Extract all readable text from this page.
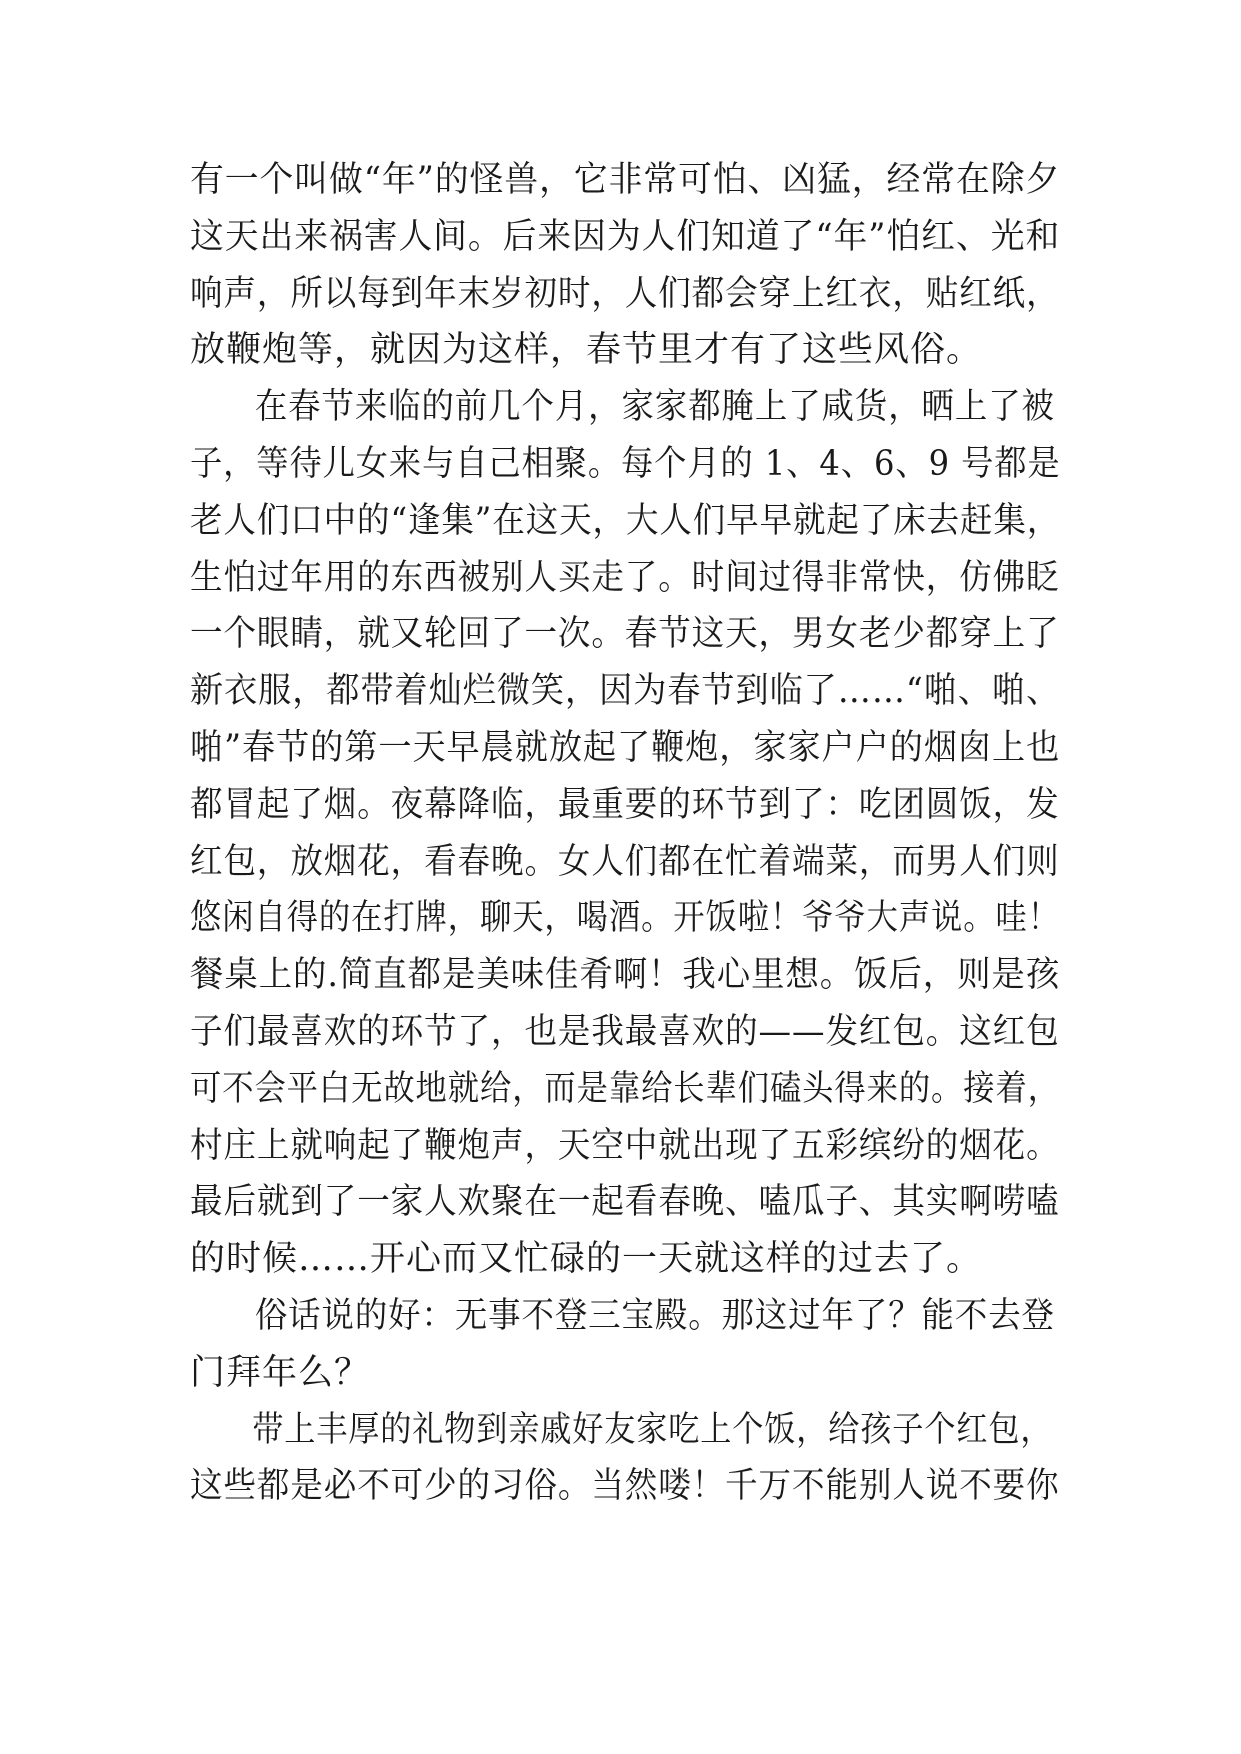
有一个叫做“年”的怪兽，它非常可怕、凶猛，经常在除夕
这天出来祸害人间。后来因为人们知道了“年”怕红、光和
响声，所以每到年末岁初时，人们都会穿上红衣，贴红纸，
放鞭炮等，就因为这样，春节里才有了这些风俗。
在春节来临的前几个月，家家都腌上了咸货，晒上了被
子，等待儿女来与自己相聚。每个月的 1、4、6、9 号都是
老人们口中的“逢集”在这天，大人们早早就起了床去赶集，
生怕过年用的东西被别人买走了。时间过得非常快，仿佛眨
一个眼睛，就又轮回了一次。春节这天，男女老少都穿上了
新衣服，都带着灿烂微笑，因为春节到临了……“啪、啪、
啪”春节的第一天早晨就放起了鞭炮，家家户户的烟囱上也
都冒起了烟。夜幕降临，最重要的环节到了：吃团圆饭，发
红包，放烟花，看春晚。女人们都在忙着端菜，而男人们则
悠闲自得的在打牌，聊天，喝酒。开饭啦！爷爷大声说。哇！
餐桌上的.简直都是美味佳肴啊！我心里想。饭后，则是孩
子们最喜欢的环节了，也是我最喜欢的——发红包。这红包
可不会平白无故地就给，而是靠给长辈们磕头得来的。接着，
村庄上就响起了鞭炮声，天空中就出现了五彩缤纷的烟花。
最后就到了一家人欢聚在一起看春晚、嗑瓜子、其实啊唠嗑
的时候……开心而又忙碌的一天就这样的过去了。
俗话说的好：无事不登三宝殿。那这过年了？能不去登
门拜年么？
带上丰厚的礼物到亲戚好友家吃上个饭，给孩子个红包，
这些都是必不可少的习俗。当然喽！千万不能别人说不要你
